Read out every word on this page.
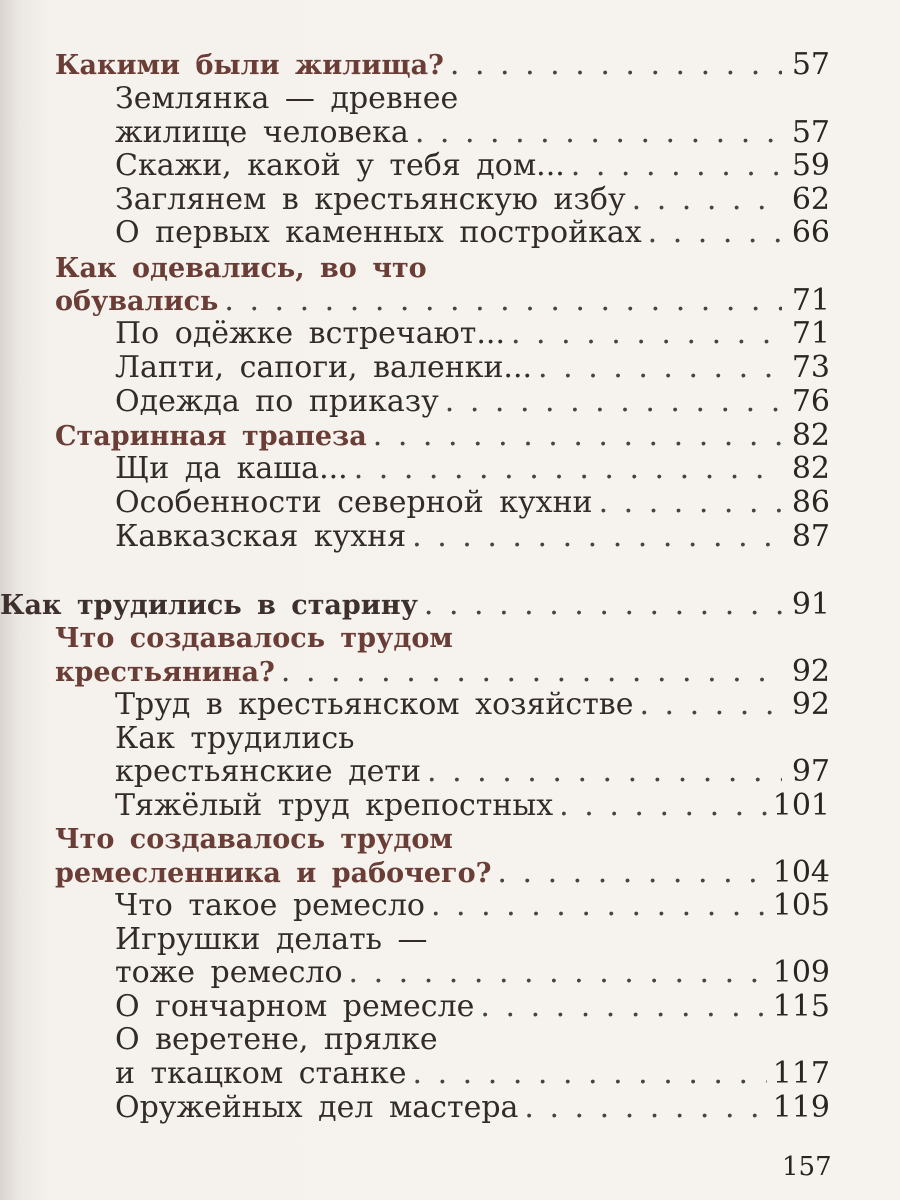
Какими были жилища? . . .	57
Землянка — древнее
жилище человека . . .	57
Скажи, какой у тебя дом... . . .	59
Заглянем в крестьянскую избу . . .	62
О первых каменных постройках . . .	66
Как одевались, во что
обувались . . .	71
По одёжке встречают... . . .	71
Лапти, сапоги, валенки... . . .	73
Одежда по приказу . . .	76
Старинная трапеза . . .	82
Щи да каша... . . .	82
Особенности северной кухни . . .	86
Кавказская кухня . . .	87
Как трудились в старину . . .	91
Что создавалось трудом
крестьянина? . . .	92
Труд в крестьянском хозяйстве . . .	92
Как трудились
крестьянские дети . . .	97
Тяжёлый труд крепостных . . .	101
Что создавалось трудом
ремесленника и рабочего? . . .	104
Что такое ремесло . . .	105
Игрушки делать —
тоже ремесло . . .	109
О гончарном ремесле . . .	115
О веретене, прялке
и ткацком станке . . .	117
Оружейных дел мастера . . .	119
157
